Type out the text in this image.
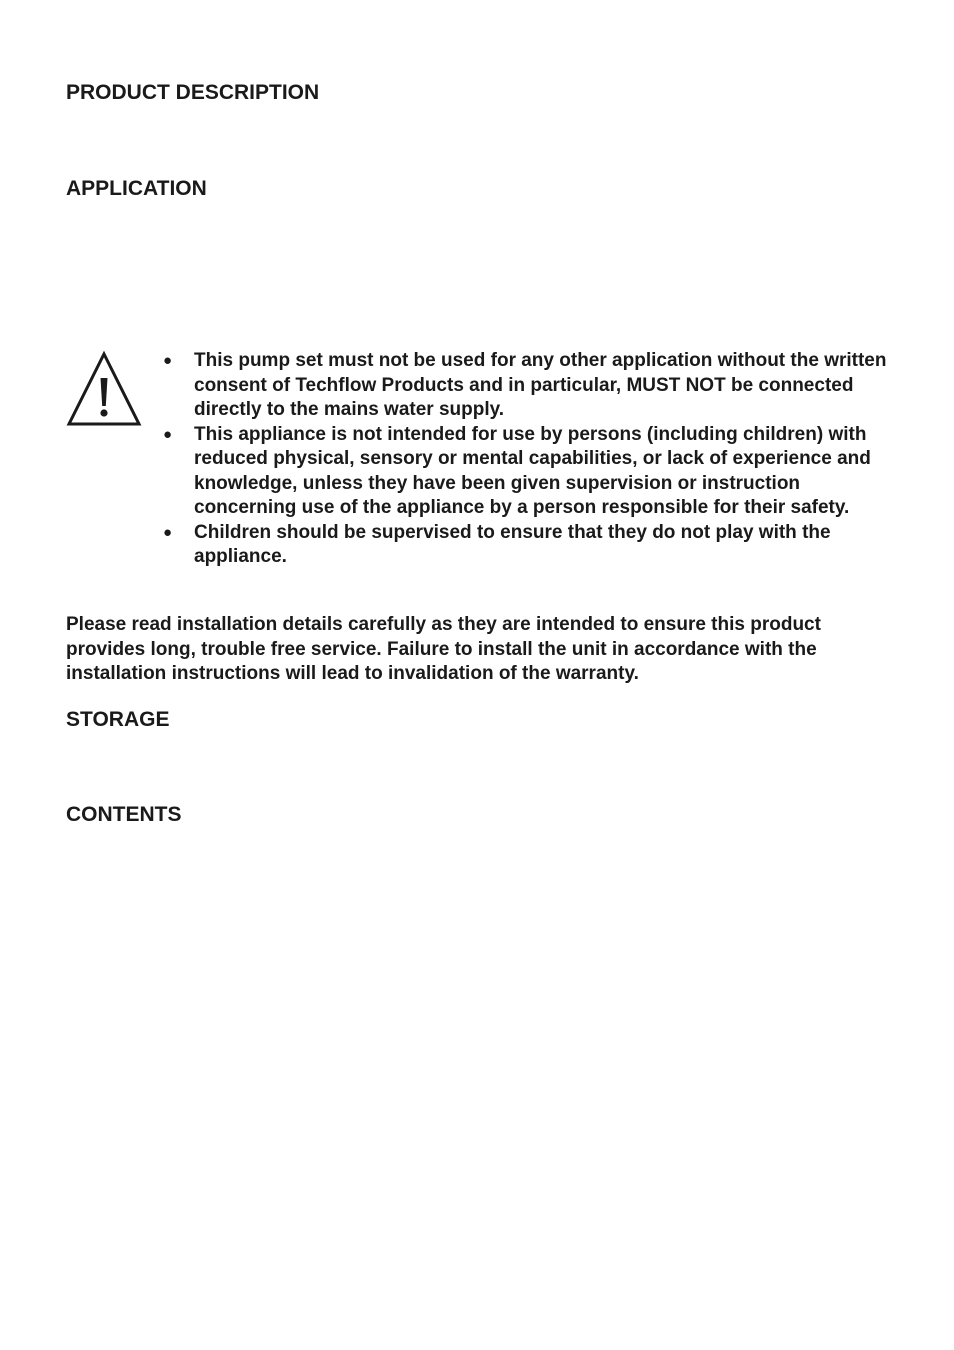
PRODUCT DESCRIPTION
APPLICATION
● This pump set must not be used for any other application without the written consent of Techflow Products and in particular, MUST NOT be connected directly to the mains water supply.
● This appliance is not intended for use by persons (including children) with reduced physical, sensory or mental capabilities, or lack of experience and knowledge, unless they have been given supervision or instruction concerning use of the appliance by a person responsible for their safety.
● Children should be supervised to ensure that they do not play with the appliance.

Please read installation details carefully as they are intended to ensure this product provides long, trouble free service. Failure to install the unit in accordance with the installation instructions will lead to invalidation of the warranty.

STORAGE
CONTENTS
